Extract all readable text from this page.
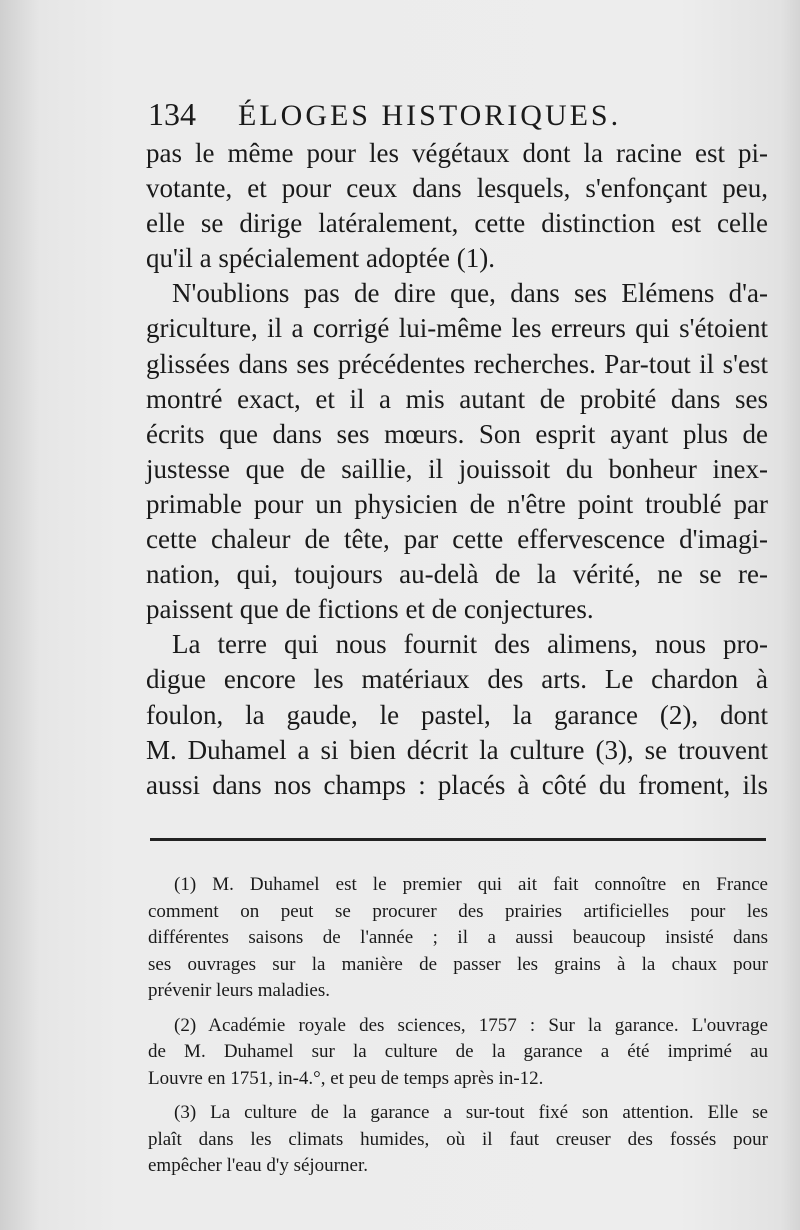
134	ÉLOGES HISTORIQUES.
pas le même pour les végétaux dont la racine est pi-
votante, et pour ceux dans lesquels, s'enfonçant peu,
elle se dirige latéralement, cette distinction est celle
qu'il a spécialement adoptée (1).
N'oublions pas de dire que, dans ses Elémens d'a-
griculture, il a corrigé lui-même les erreurs qui s'étoient
glissées dans ses précédentes recherches. Par-tout il s'est
montré exact, et il a mis autant de probité dans ses
écrits que dans ses mœurs. Son esprit ayant plus de
justesse que de saillie, il jouissoit du bonheur inex-
primable pour un physicien de n'être point troublé par
cette chaleur de tête, par cette effervescence d'imagi-
nation, qui, toujours au-delà de la vérité, ne se re-
paissent que de fictions et de conjectures.
La terre qui nous fournit des alimens, nous pro-
digue encore les matériaux des arts. Le chardon à
foulon, la gaude, le pastel, la garance (2), dont
M. Duhamel a si bien décrit la culture (3), se trouvent
aussi dans nos champs : placés à côté du froment, ils
(1) M. Duhamel est le premier qui ait fait connoître en France
comment on peut se procurer des prairies artificielles pour les
différentes saisons de l'année ; il a aussi beaucoup insisté dans
ses ouvrages sur la manière de passer les grains à la chaux pour
prévenir leurs maladies.
(2) Académie royale des sciences, 1757 : Sur la garance. L'ouvrage
de M. Duhamel sur la culture de la garance a été imprimé au
Louvre en 1751, in-4.°, et peu de temps après in-12.
(3) La culture de la garance a sur-tout fixé son attention. Elle se
plaît dans les climats humides, où il faut creuser des fossés pour
empêcher l'eau d'y séjourner.
